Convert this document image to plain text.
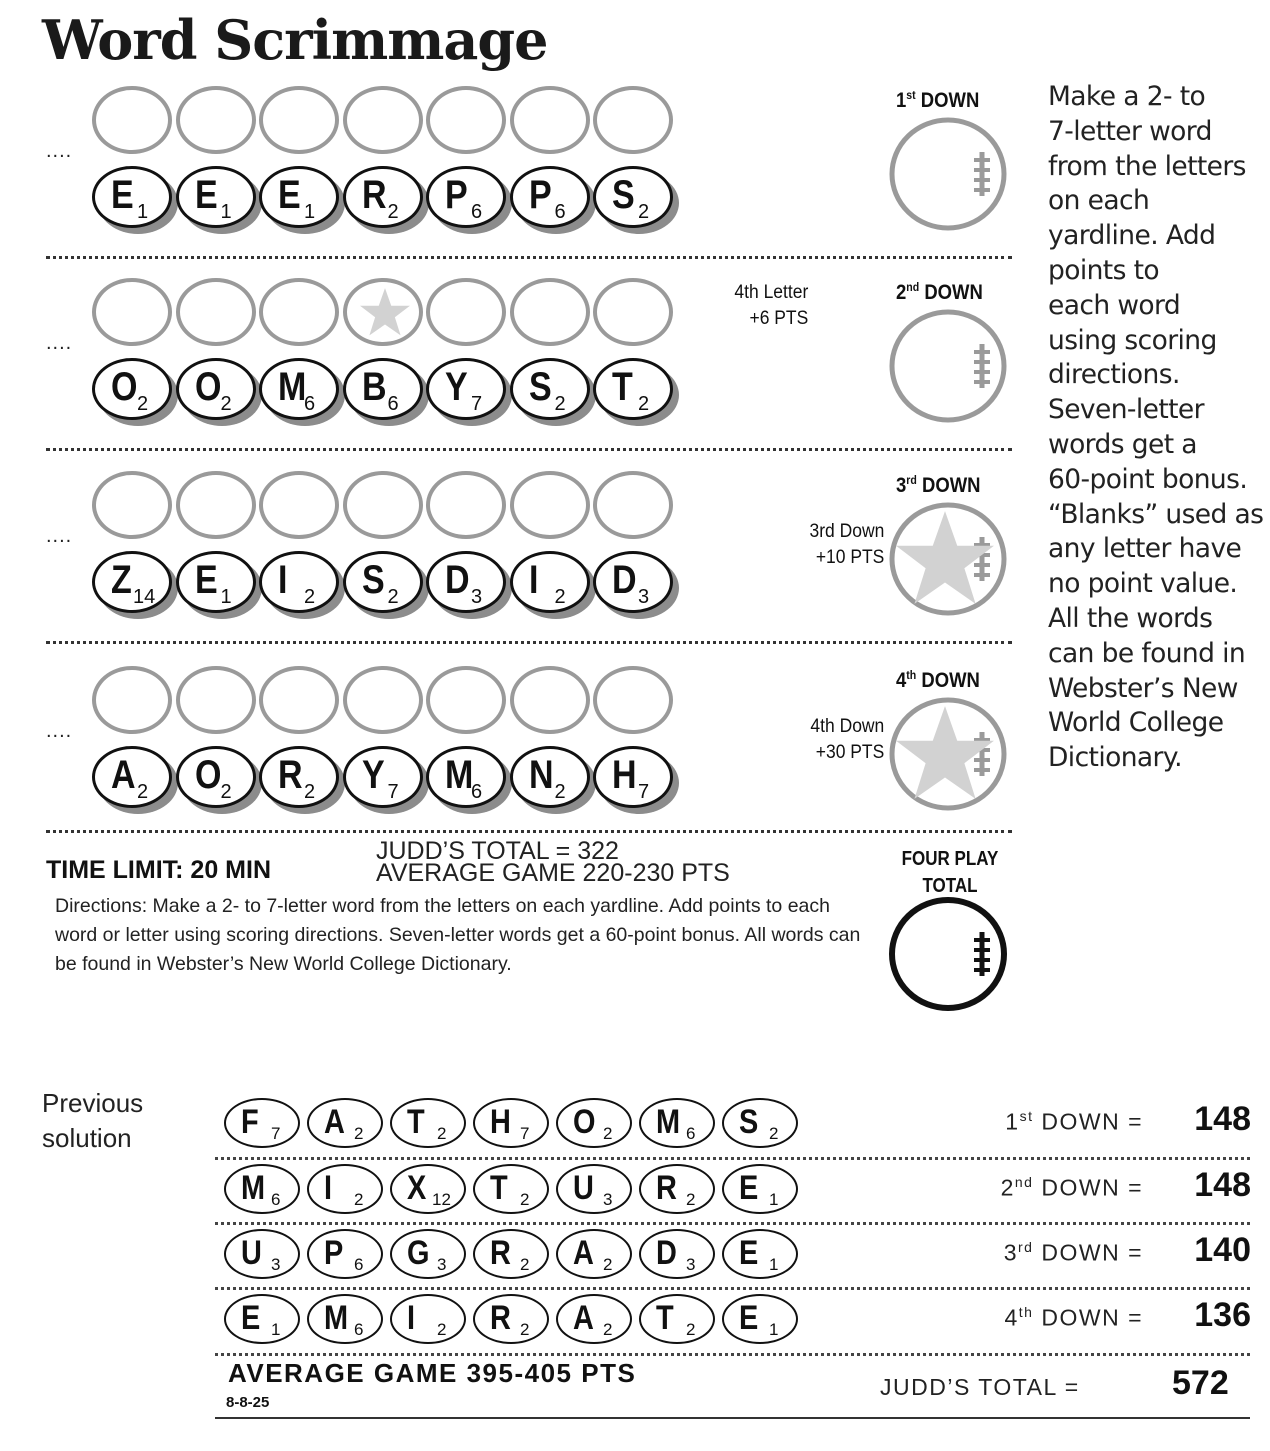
Word Scrimmage
Make a 2- to
7-letter word
from the letters
on each
yardline. Add
points to
each word
using scoring
directions.
Seven-letter
words get a
60-point bonus.
“Blanks” used as
any letter have
no point value.
All the words
can be found in
Webster’s New
World College
Dictionary.
....
E 1 E 1 E 1 R 2 P 6 P 6 S 2
1st DOWN
....
O 2 O 2 M
6 B 6 Y 7 S 2 T 2
2nd DOWN
4th Letter
+6 PTS
....
Z 14 E 1 I 2 S 2 D 3 I 2 D 3
3rd DOWN
3rd Down
+10 PTS
....
A 2 O 2 R 2 Y 7 M
6 N 2 H 7
4th DOWN
4th Down
+30 PTS
TIME LIMIT: 20 MIN
JUDD’S TOTAL = 322
AVERAGE GAME 220-230 PTS
Directions: Make a 2- to 7-letter word from the letters on each yardline. Add points to each word or letter using scoring directions. Seven-letter words get a 60-point bonus. All words can be found in Webster’s New World College Dictionary.
FOUR PLAY
TOTAL
Previous
solution	F 7 A 2 T 2 H 7 O 2 M 6 S 2	1st DOWN = 148
M 6 I 2 X 12 T 2 U 3 R 2 E 1	2nd DOWN = 148
U 3 P 6 G 3 R 2 A 2 D 3 E 1	3rd DOWN = 140
E 1 M 6 I 2 R 2 A 2 T 2 E 1	4th DOWN = 136
AVERAGE GAME 395-405 PTS
8-8-25
JUDD’S TOTAL =	572
